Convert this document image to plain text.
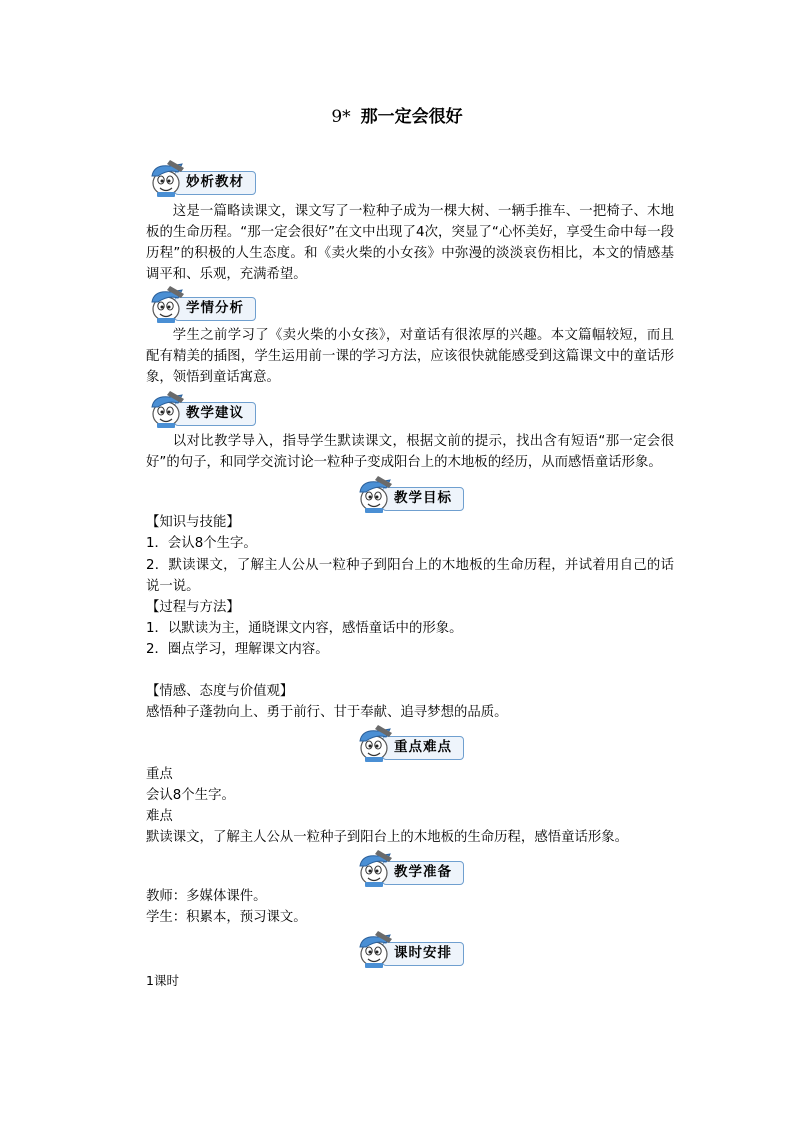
9* 那一定会很好
妙析教材
这是一篇略读课文，课文写了一粒种子成为一棵大树、一辆手推车、一把椅子、木地板的生命历程。“那一定会很好”在文中出现了4次，突显了“心怀美好，享受生命中每一段历程”的积极的人生态度。和《卖火柴的小女孩》中弥漫的淡淡哀伤相比，本文的情感基调平和、乐观，充满希望。
学情分析
学生之前学习了《卖火柴的小女孩》，对童话有很浓厚的兴趣。本文篇幅较短，而且配有精美的插图，学生运用前一课的学习方法，应该很快就能感受到这篇课文中的童话形象，领悟到童话寓意。
教学建议
以对比教学导入，指导学生默读课文，根据文前的提示，找出含有短语“那一定会很好”的句子，和同学交流讨论一粒种子变成阳台上的木地板的经历，从而感悟童话形象。
教学目标
【知识与技能】
1．会认8个生字。
2．默读课文，了解主人公从一粒种子到阳台上的木地板的生命历程，并试着用自己的话说一说。
【过程与方法】
1．以默读为主，通晓课文内容，感悟童话中的形象。
2．圈点学习，理解课文内容。
【情感、态度与价值观】
感悟种子蓬勃向上、勇于前行、甘于奉献、追寻梦想的品质。
重点难点
重点
会认8个生字。
难点
默读课文，了解主人公从一粒种子到阳台上的木地板的生命历程，感悟童话形象。
教学准备
教师：多媒体课件。
学生：积累本，预习课文。
课时安排
1课时
